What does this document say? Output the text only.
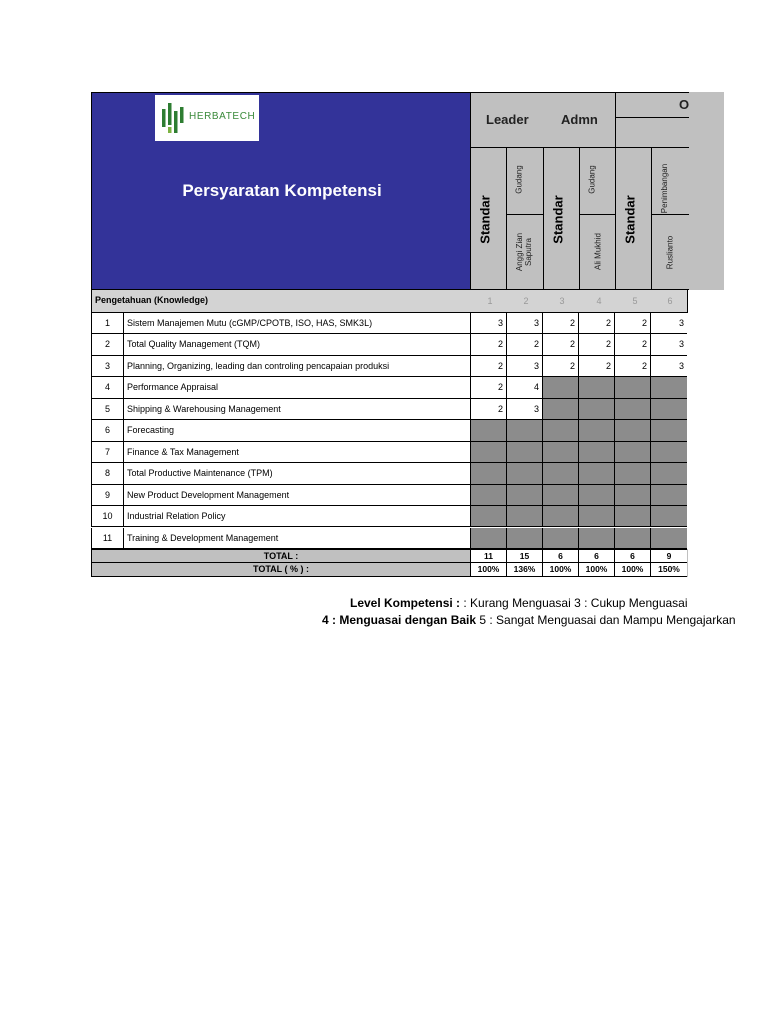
HERBATECH
Persyaratan Kompetensi
Leader Admn
O
Standar
Gudang
Anggi Zian Saputra
Standar
Gudang
Ali Mukhid
Standar
Penimbangan
Ruslianto
Pengetahuan (Knowledge)	1	2	3	4	5	6
1	Sistem Manajemen Mutu (cGMP/CPOTB, ISO, HAS, SMK3L)	3	3	2	2	2	3
2	Total Quality Management (TQM)	2	2	2	2	2	3
3	Planning, Organizing, leading dan controling pencapaian produksi	2	3	2	2	2	3
4	Performance Appraisal	2	4
5	Shipping & Warehousing Management	2	3
6	Forecasting
7	Finance & Tax Management
8	Total Productive Maintenance (TPM)
9	New Product Development Management
10	Industrial Relation Policy
11	Training & Development Management
TOTAL :	11	15	6	6	6	9
TOTAL ( % ) :	100%	136%	100%	100%	100%	150%
Level Kompetensi : : Kurang Menguasai 3 : Cukup Menguasai
4 : Menguasai dengan Baik 5 : Sangat Menguasai dan Mampu Mengajarkan
